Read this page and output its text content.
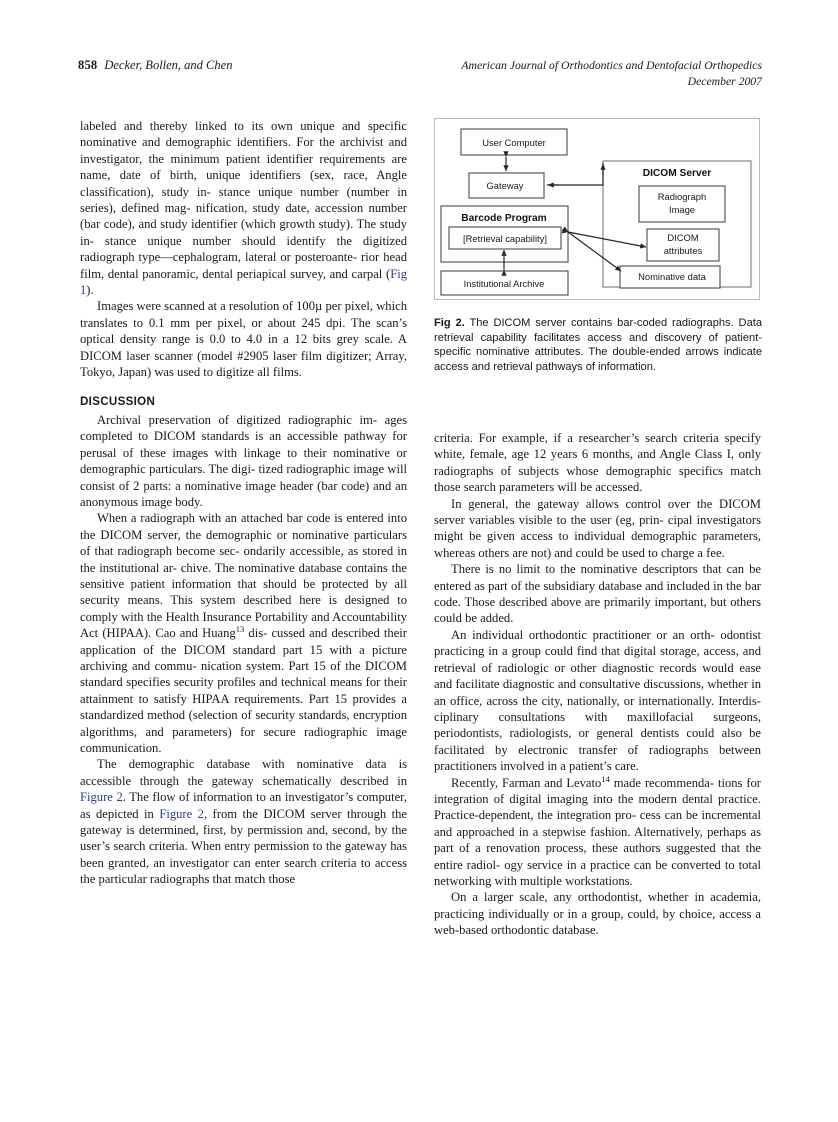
858 Decker, Bollen, and Chen	American Journal of Orthodontics and Dentofacial Orthopedics
December 2007

labeled and thereby linked to its own unique and specific nominative and demographic identifiers. For the archivist and investigator, the minimum patient identifier requirements are name, date of birth, unique identifiers (sex, race, Angle classification), study in- stance unique number (number in series), defined mag- nification, study date, accession number (bar code), and study identifier (which growth study). The study in- stance unique number should identify the digitized radiograph type—cephalogram, lateral or posteroante- rior head film, dental panoramic, dental periapical survey, and carpal (Fig 1).

Images were scanned at a resolution of 100µ per pixel, which translates to 0.1 mm per pixel, or about 245 dpi. The scan’s optical density range is 0.0 to 4.0 in a 12 bits grey scale. A DICOM laser scanner (model #2905 laser film digitizer; Array, Tokyo, Japan) was used to digitize all films.

DISCUSSION

Archival preservation of digitized radiographic im- ages completed to DICOM standards is an accessible pathway for perusal of these images with linkage to their nominative or demographic particulars. The digi- tized radiographic image will consist of 2 parts: a nominative image header (bar code) and an anonymous image body.

When a radiograph with an attached bar code is entered into the DICOM server, the demographic or nominative particulars of that radiograph become sec- ondarily accessible, as stored in the institutional ar- chive. The nominative database contains the sensitive patient information that should be protected by all security means. This system described here is designed to comply with the Health Insurance Portability and Accountability Act (HIPAA). Cao and Huang$^{13}$ dis- cussed and described their application of the DICOM standard part 15 with a picture archiving and commu- nication system. Part 15 of the DICOM standard specifies security profiles and technical means for their attainment to satisfy HIPAA requirements. Part 15 provides a standardized method (selection of security standards, encryption algorithms, and parameters) for secure radiographic image communication.

The demographic database with nominative data is accessible through the gateway schematically described in Figure 2. The flow of information to an investigator’s computer, as depicted in Figure 2, from the DICOM server through the gateway is determined, first, by permission and, second, by the user’s search criteria. When entry permission to the gateway has been granted, an investigator can enter search criteria to access the particular radiographs that match those

DICOM Server
Radiograph
Image
DICOM
attributes
Nominative data
User Computer
Gateway
Barcode Program
[Retrieval capability]
Institutional Archive
Fig 2. The DICOM server contains bar-coded radiographs. Data retrieval capability facilitates access and discovery of patient-specific nominative attributes. The double-ended arrows indicate access and retrieval pathways of information.

criteria. For example, if a researcher’s search criteria specify white, female, age 12 years 6 months, and Angle Class I, only radiographs of subjects whose demographic specifics match those search parameters will be accessed.

In general, the gateway allows control over the DICOM server variables visible to the user (eg, prin- cipal investigators might be given access to individual demographic parameters, whereas others are not) and could be used to charge a fee.

There is no limit to the nominative descriptors that can be entered as part of the subsidiary database and included in the bar code. Those described above are primarily important, but others could be added.

An individual orthodontic practitioner or an orth- odontist practicing in a group could find that digital storage, access, and retrieval of radiologic or other diagnostic records would ease and facilitate diagnostic and consultative discussions, whether in an office, across the city, nationally, or internationally. Interdis- ciplinary consultations with maxillofacial surgeons, periodontists, radiologists, or general dentists could also be facilitated by electronic transfer of radiographs between practitioners involved in a patient’s care.

Recently, Farman and Levato$^{14}$ made recommenda- tions for integration of digital imaging into the modern dental practice. Practice-dependent, the integration pro- cess can be incremental and approached in a stepwise fashion. Alternatively, perhaps as part of a renovation process, these authors suggested that the entire radiol- ogy service in a practice can be converted to total networking with multiple workstations.

On a larger scale, any orthodontist, whether in academia, practicing individually or in a group, could, by choice, access a web-based orthodontic database.
